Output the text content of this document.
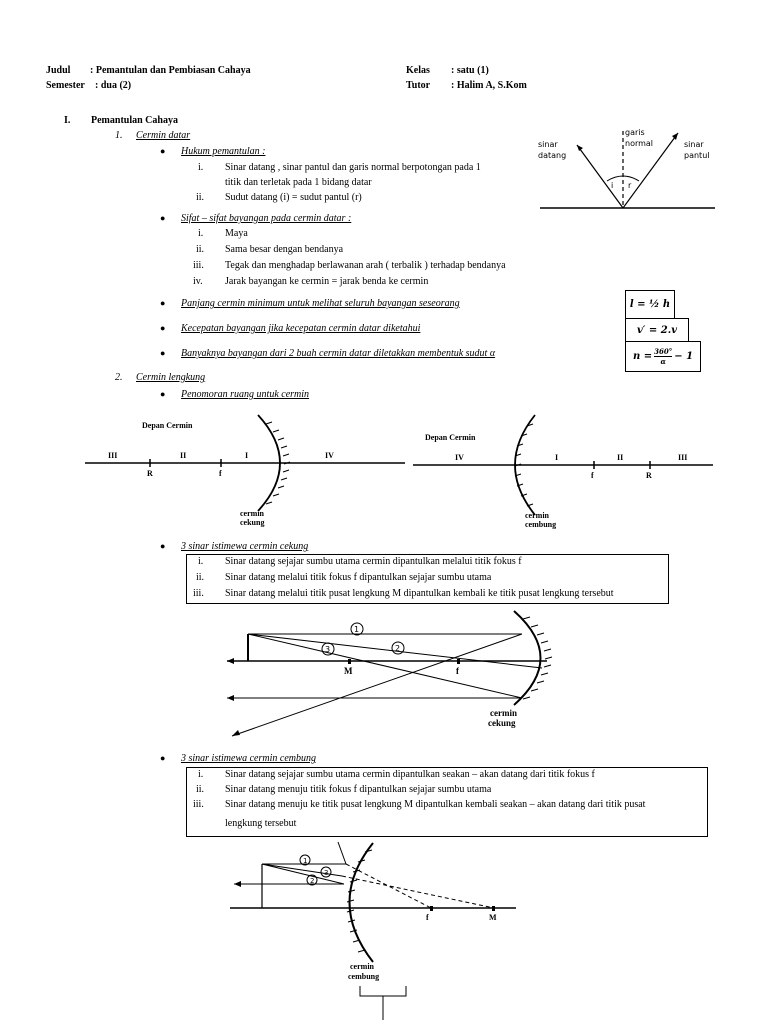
Judul : Pemantulan dan Pembiasan Cahaya
Semester : dua (2)
Kelas : satu (1)
Tutor : Halim A, S.Kom
I. Pemantulan Cahaya
1. Cermin datar
● Hukum pemantulan :
i. Sinar datang , sinar pantul dan garis normal berpotongan pada 1
titik dan terletak pada 1 bidang datar
ii. Sudut datang (i) = sudut pantul (r)
● Sifat – sifat bayangan pada cermin datar :
i. Maya
ii. Sama besar dengan bendanya
iii. Tegak dan menghadap berlawanan arah ( terbalik ) terhadap bendanya
iv. Jarak bayangan ke cermin = jarak benda ke cermin
● Panjang cermin minimum untuk melihat seluruh bayangan seseorang
● Kecepatan bayangan jika kecepatan cermin datar diketahui
● Banyaknya bayangan dari 2 buah cermin datar diletakkan membentuk sudut α
l = ½ h
v′ = 2.v
$n = \frac{360^\circ}{\alpha} - 1$
garis
normal
sinar
datang
sinar
pantul
i r
2. Cermin lengkung
● Penomoran ruang untuk cermin
Depan Cermin
III	II	I	IV
R	f
cermin
cekung
Depan Cermin
IV	I	II	III
f	R
cermin
cembung
● 3 sinar istimewa cermin cekung
i. Sinar datang sejajar sumbu utama cermin dipantulkan melalui titik fokus f
ii. Sinar datang melalui titik fokus f dipantulkan sejajar sumbu utama
iii. Sinar datang melalui titik pusat lengkung M dipantulkan kembali ke titik pusat lengkung tersebut
1
2
3
M	f
cermin
cekung
● 3 sinar istimewa cermin cembung
i. Sinar datang sejajar sumbu utama cermin dipantulkan seakan – akan datang dari titik fokus f
ii. Sinar datang menuju titik fokus f dipantulkan sejajar sumbu utama
iii. Sinar datang menuju ke titik pusat lengkung M dipantulkan kembali seakan – akan datang dari titik pusat
lengkung tersebut
1
2
3
f	M
cermin
cembung
